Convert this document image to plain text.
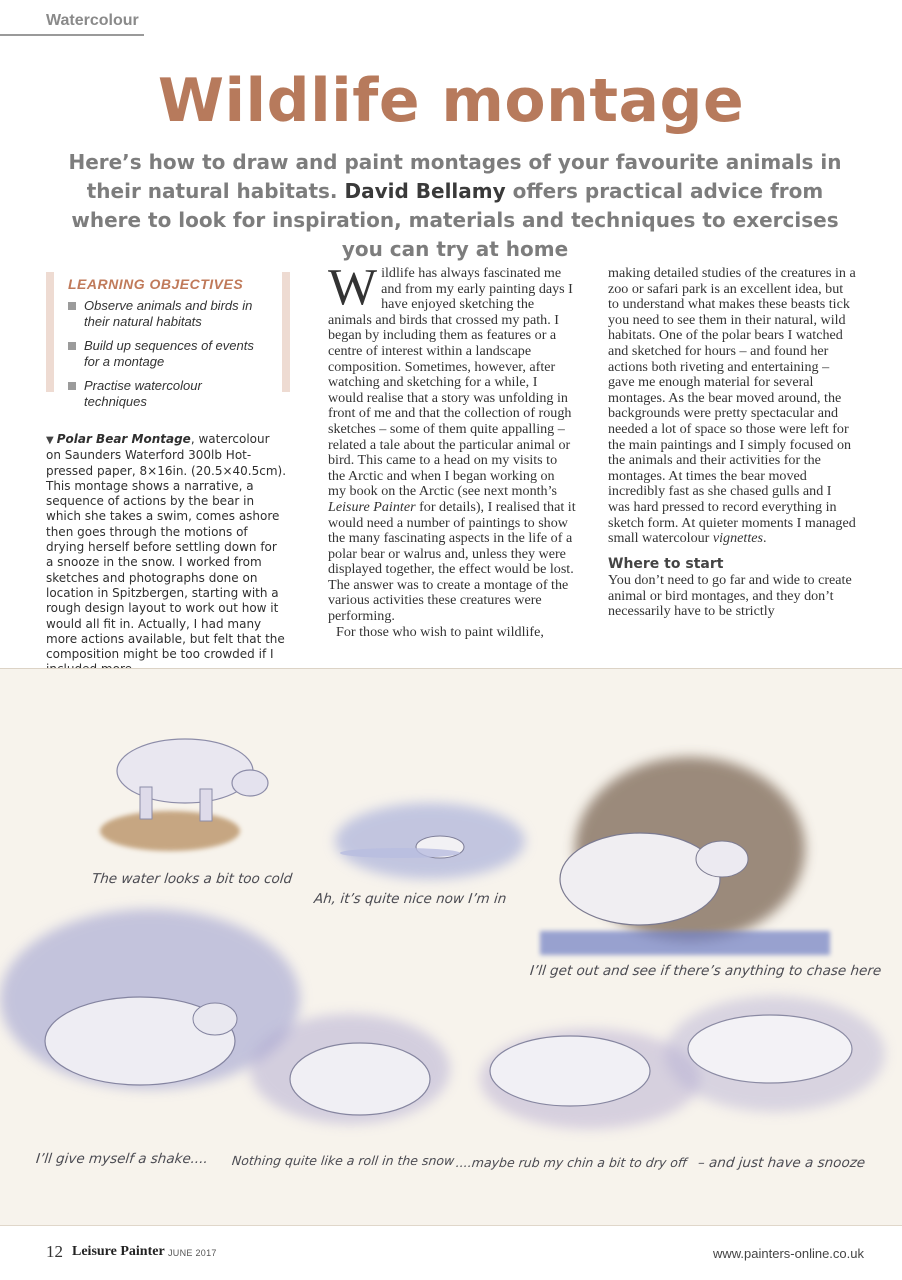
Watercolour
Wildlife montage

Here’s how to draw and paint montages of your favourite animals in their natural habitats. David Bellamy offers practical advice from where to look for inspiration, materials and techniques to exercises you can try at home

LEARNING OBJECTIVES
Observe animals and birds in their natural habitats
Build up sequences of events for a montage
Practise watercolour techniques

▼ Polar Bear Montage, watercolour on Saunders Waterford 300lb Hot-pressed paper, 8×16in. (20.5×40.5cm). This montage shows a narrative, a sequence of actions by the bear in which she takes a swim, comes ashore then goes through the motions of drying herself before settling down for a snooze in the snow. I worked from sketches and photographs done on location in Spitzbergen, starting with a rough design layout to work out how it would all fit in. Actually, I had many more actions available, but felt that the composition might be too crowded if I

Wildlife has always fascinated me and from my early painting days I have enjoyed sketching the animals and birds that crossed my path. I began by including them as features or a centre of interest within a landscape composition. Sometimes, however, after watching and sketching for a while, I would realise that a story was unfolding in front of me and that the collection of rough sketches – some of them quite appalling – related a tale about the particular animal or bird. This came to a head on my visits to the Arctic and when I began working on my book on the Arctic (see next month’s Leisure Painter for details), I realised that it would need a number of paintings to show the many fascinating aspects in the life of a polar bear or walrus and, unless they were displayed together, the effect would be lost. The answer was to create a montage of the various activities these creatures were performing.

For those who wish to paint wildlife,

making detailed studies of the creatures in a zoo or safari park is an excellent idea, but to understand what makes these beasts tick you need to see them in their natural, wild habitats. One of the polar bears I watched and sketched for hours – and found her actions both riveting and entertaining – gave me enough material for several montages. As the bear moved around, the backgrounds were pretty spectacular and needed a lot of space so those were left for the main paintings and I simply focused on the animals and their activities for the montages. At times the bear moved incredibly fast as she chased gulls and I was hard pressed to record everything in sketch form. At quieter moments I managed small watercolour vignettes.

Where to start

You don’t need to go far and wide to create animal or bird montages, and they don’t necessarily have to be strictly

The water looks a bit too cold
Ah, it’s quite nice now I’m in
I’ll get out and see if there’s anything to chase here
I’ll give myself a shake.... Nothing quite like a roll in the snow ....maybe rub my chin a bit to dry off – and just have a snooze
12 Leisure Painter JUNE 2017	www.painters-online.co.uk
